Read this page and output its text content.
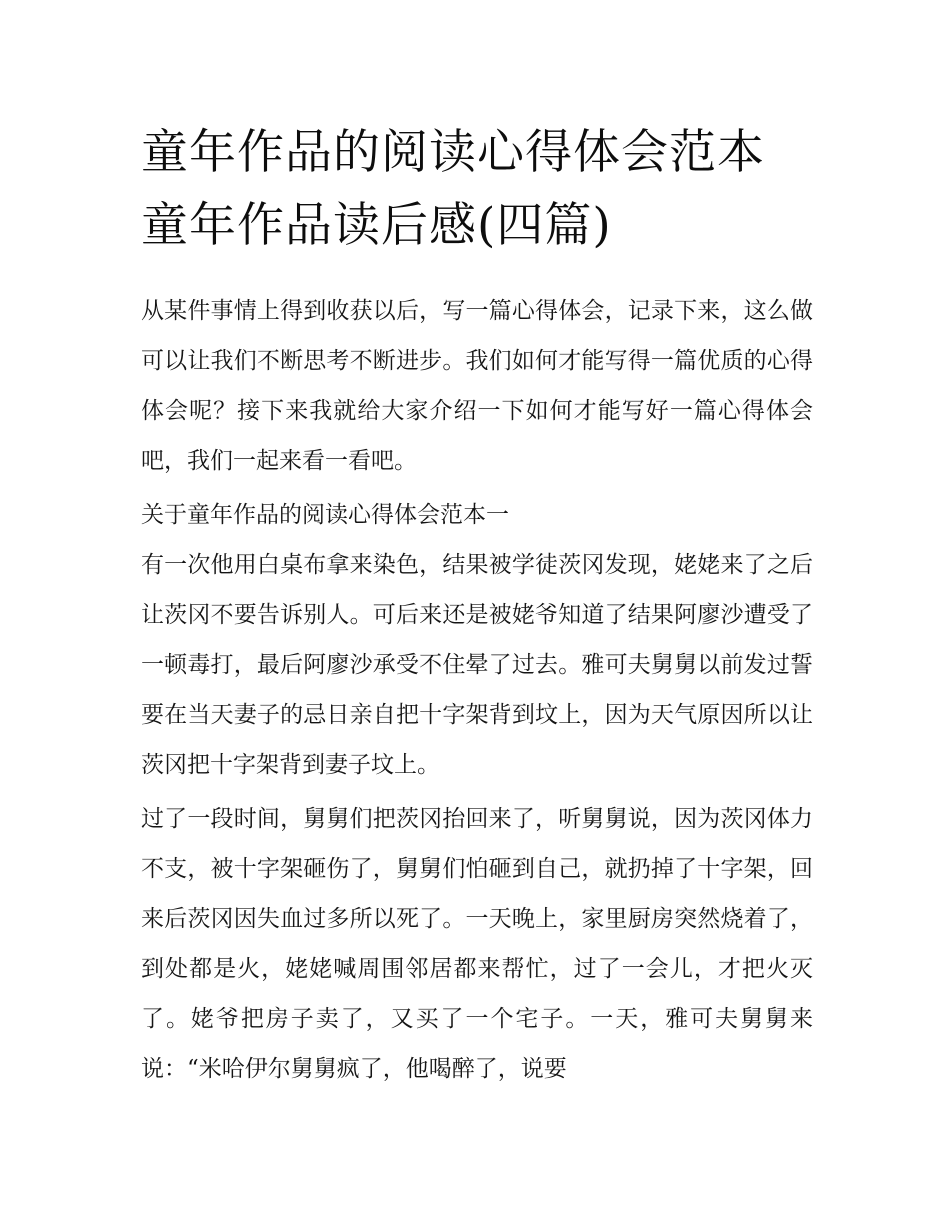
童年作品的阅读心得体会范本
童年作品读后感(四篇)

从某件事情上得到收获以后，写一篇心得体会，记录下来，这么做可以让我们不断思考不断进步。我们如何才能写得一篇优质的心得体会呢？接下来我就给大家介绍一下如何才能写好一篇心得体会吧，我们一起来看一看吧。

关于童年作品的阅读心得体会范本一

有一次他用白桌布拿来染色，结果被学徒茨冈发现，姥姥来了之后让茨冈不要告诉别人。可后来还是被姥爷知道了结果阿廖沙遭受了一顿毒打，最后阿廖沙承受不住晕了过去。雅可夫舅舅以前发过誓要在当天妻子的忌日亲自把十字架背到坟上，因为天气原因所以让茨冈把十字架背到妻子坟上。

过了一段时间，舅舅们把茨冈抬回来了，听舅舅说，因为茨冈体力不支，被十字架砸伤了，舅舅们怕砸到自己，就扔掉了十字架，回来后茨冈因失血过多所以死了。一天晚上，家里厨房突然烧着了，到处都是火，姥姥喊周围邻居都来帮忙，过了一会儿，才把火灭了。姥爷把房子卖了，又买了一个宅子。一天，雅可夫舅舅来说：“米哈伊尔舅舅疯了，他喝醉了，说要
